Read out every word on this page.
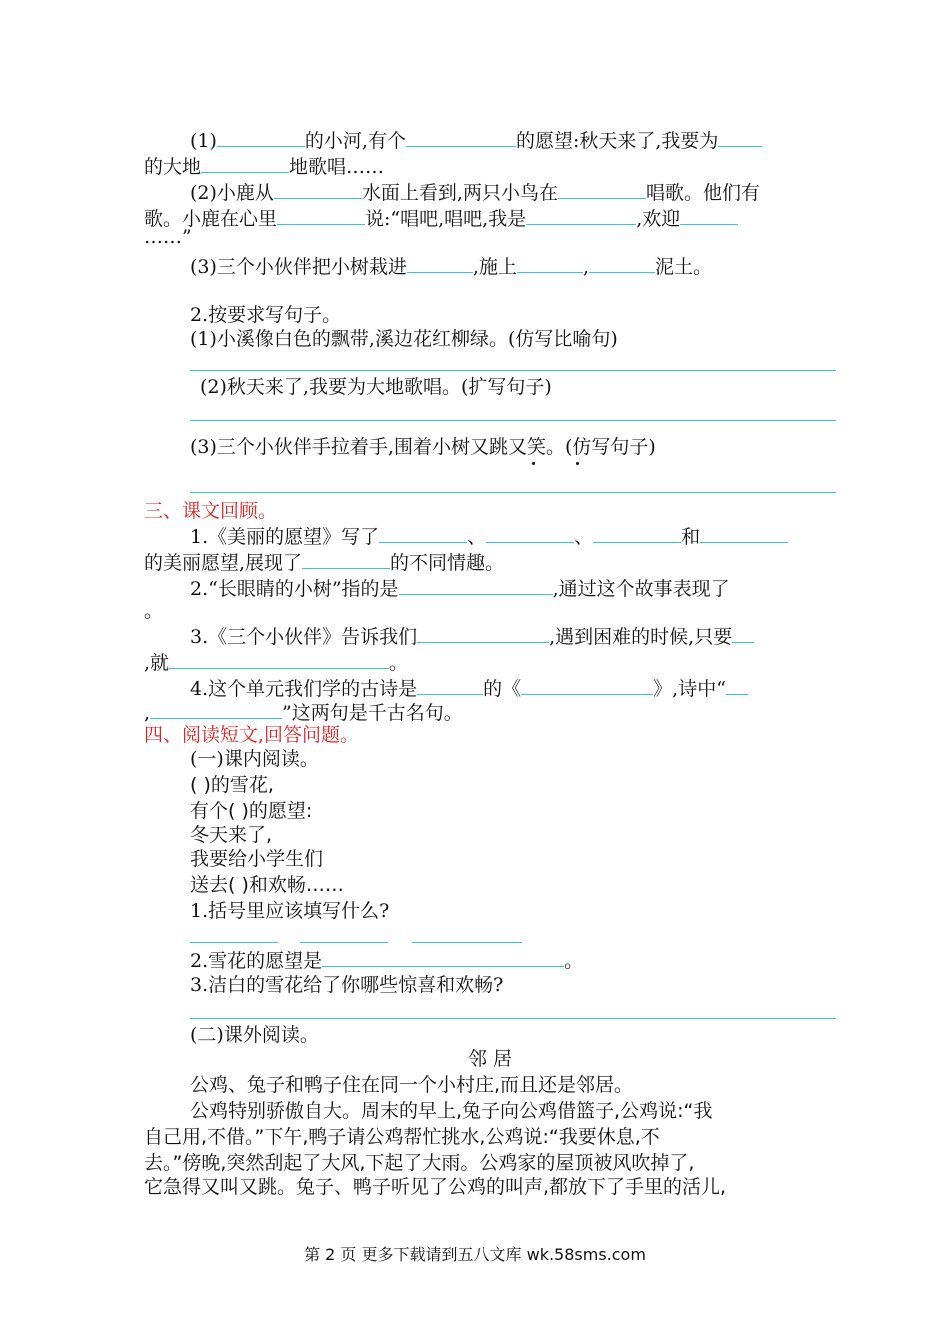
(1)	的小河,有个	的愿望:秋天来了,我要为
的大地	地歌唱……
(2)小鹿从	水面上看到,两只小鸟在	唱歌。他们有
歌。小鹿在心里	说:“唱吧,唱吧,我是	,欢迎
……”
(3)三个小伙伴把小树栽进	,施上	,	泥土。
2.按要求写句子。
(1)小溪像白色的飘带,溪边花红柳绿。(仿写比喻句)
(2)秋天来了,我要为大地歌唱。(扩写句子)
(3)三个小伙伴手拉着手,围着小树又跳又笑。(仿写句子)
三、课文回顾。
1.《美丽的愿望》写了	、	、	和
的美丽愿望,展现了	的不同情趣。
2.“长眼睛的小树”指的是	,通过这个故事表现了
。
3.《三个小伙伴》告诉我们	,遇到困难的时候,只要
,就	。
4.这个单元我们学的古诗是	的《	》,诗中“
,	”这两句是千古名句。
四、阅读短文,回答问题。
(一)课内阅读。
( )的雪花,
有个( )的愿望:
冬天来了,
我要给小学生们
送去( )和欢畅……
1.括号里应该填写什么?
2.雪花的愿望是	。
3.洁白的雪花给了你哪些惊喜和欢畅?
(二)课外阅读。
邻 居
公鸡、兔子和鸭子住在同一个小村庄,而且还是邻居。
公鸡特别骄傲自大。周末的早上,兔子向公鸡借篮子,公鸡说:“我
自己用,不借。”下午,鸭子请公鸡帮忙挑水,公鸡说:“我要休息,不
去。”傍晚,突然刮起了大风,下起了大雨。公鸡家的屋顶被风吹掉了,
它急得又叫又跳。兔子、鸭子听见了公鸡的叫声,都放下了手里的活儿,
第 2 页 更多下载请到五八文库 wk.58sms.com
